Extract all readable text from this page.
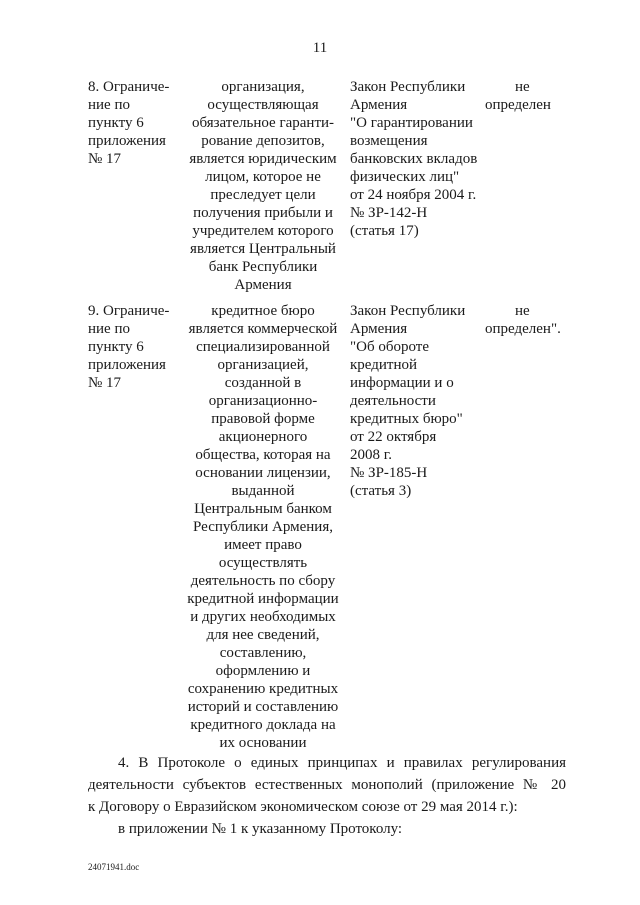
11
8. Ограниче-
ние по
пункту 6
приложения
№ 17
организация,
осуществляющая
обязательное гаранти-
рование депозитов,
является юридическим
лицом, которое не
преследует цели
получения прибыли и
учредителем которого
является Центральный
банк Республики
Армения
Закон Республики
Армения
"О гарантировании
возмещения
банковских вкладов
физических лиц"
от 24 ноября 2004 г.
№ ЗР-142-Н
(статья 17)
не
определен
9. Ограниче-
ние по
пункту 6
приложения
№ 17
кредитное бюро
является коммерческой
специализированной
организацией,
созданной в
организационно-
правовой форме
акционерного
общества, которая на
основании лицензии,
выданной
Центральным банком
Республики Армения,
имеет право
осуществлять
деятельность по сбору
кредитной информации
и других необходимых
для нее сведений,
составлению,
оформлению и
сохранению кредитных
историй и составлению
кредитного доклада на
их основании
Закон Республики
Армения
"Об обороте
кредитной
информации и о
деятельности
кредитных бюро"
от 22 октября
2008 г.
№ ЗР-185-Н
(статья 3)
не
определен".
4. В Протоколе о единых принципах и правилах регулирования
деятельности субъектов естественных монополий (приложение № 20
к Договору о Евразийском экономическом союзе от 29 мая 2014 г.):
в приложении № 1 к указанному Протоколу:
24071941.doc
